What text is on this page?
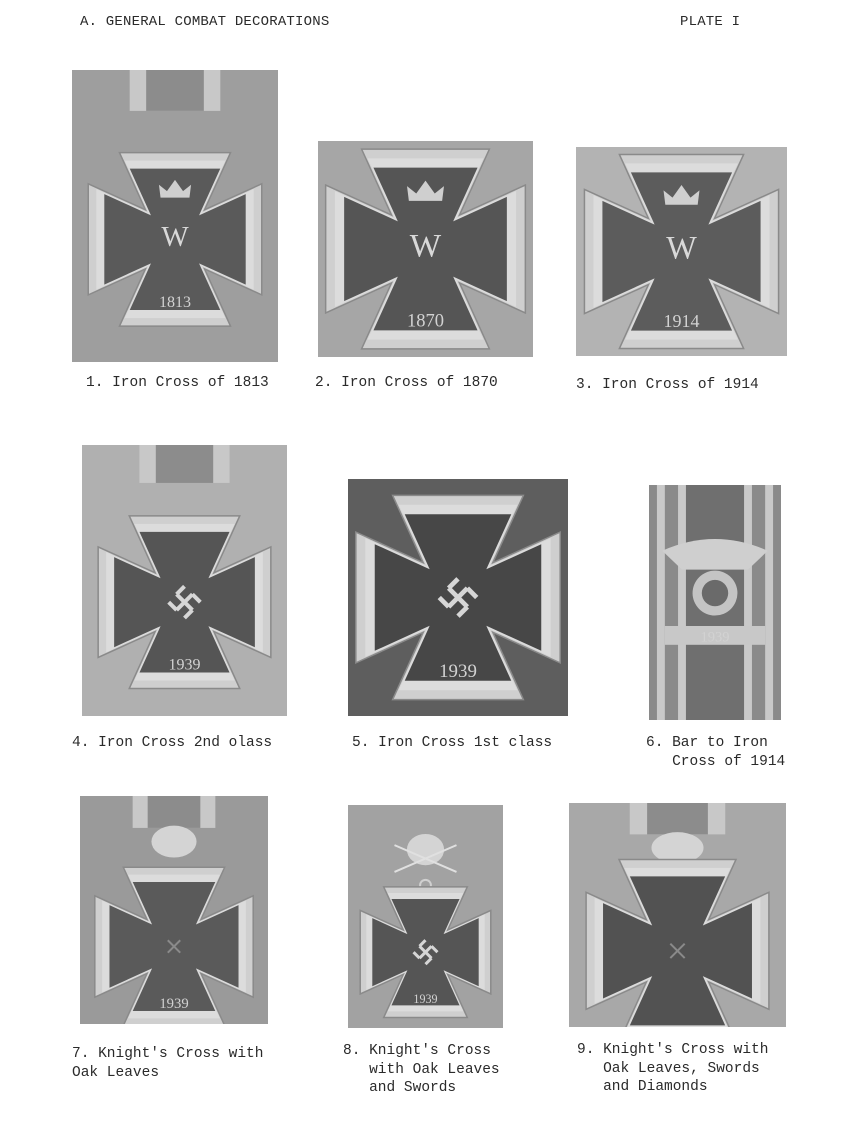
A. GENERAL COMBAT DECORATIONS	PLATE I
W
1813
W
1870
W
1914
1. Iron Cross of 1813	2. Iron Cross of 1870	3. Iron Cross of 1914
1939	1939
1939
4. Iron Cross 2nd olass	5. Iron Cross 1st class	6. Bar to Iron
Cross of 1914
1939	1939
7. Knight's Cross with
Oak Leaves
8. Knight's Cross
with Oak Leaves
and Swords
9. Knight's Cross with
Oak Leaves, Swords
and Diamonds
